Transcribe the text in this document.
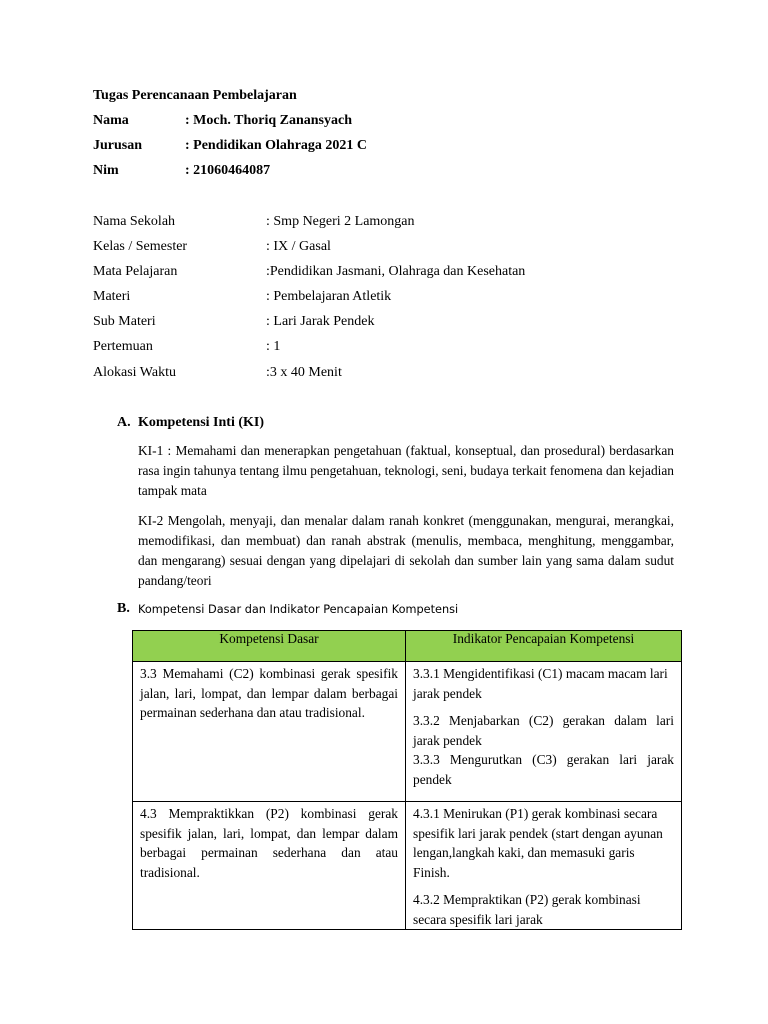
Tugas Perencanaan Pembelajaran
Nama	: Moch. Thoriq Zanansyach
Jurusan	: Pendidikan Olahraga 2021 C
Nim	: 21060464087
Nama Sekolah	: Smp Negeri 2 Lamongan
Kelas / Semester	: IX / Gasal
Mata Pelajaran	:Pendidikan Jasmani, Olahraga dan Kesehatan
Materi	: Pembelajaran Atletik
Sub Materi	: Lari Jarak Pendek
Pertemuan	: 1
Alokasi Waktu	:3 x 40 Menit
A. Kompetensi Inti (KI)
KI-1 : Memahami dan menerapkan pengetahuan (faktual, konseptual, dan prosedural) berdasarkan rasa ingin tahunya tentang ilmu pengetahuan, teknologi, seni, budaya terkait fenomena dan kejadian tampak mata
KI-2 Mengolah, menyaji, dan menalar dalam ranah konkret (menggunakan, mengurai, merangkai, memodifikasi, dan membuat) dan ranah abstrak (menulis, membaca, menghitung, menggambar, dan mengarang) sesuai dengan yang dipelajari di sekolah dan sumber lain yang sama dalam sudut pandang/teori
B. Kompetensi Dasar dan Indikator Pencapaian Kompetensi
Kompetensi Dasar	Indikator Pencapaian Kompetensi

3.3 Memahami (C2) kombinasi gerak spesifik jalan, lari, lompat, dan lempar dalam berbagai permainan sederhana dan atau tradisional.	3.3.1 Mengidentifikasi (C1) macam macam lari jarak pendek

3.3.2 Menjabarkan (C2) gerakan dalam lari jarak pendek

3.3.3 Mengurutkan (C3) gerakan lari jarak pendek

4.3 Mempraktikkan (P2) kombinasi gerak spesifik jalan, lari, lompat, dan lempar dalam berbagai permainan sederhana dan atau tradisional.	4.3.1 Menirukan (P1) gerak kombinasi secara spesifik lari jarak pendek (start dengan ayunan lengan,langkah kaki, dan memasuki garis Finish.

4.3.2 Mempraktikan (P2) gerak kombinasi secara spesifik lari jarak
